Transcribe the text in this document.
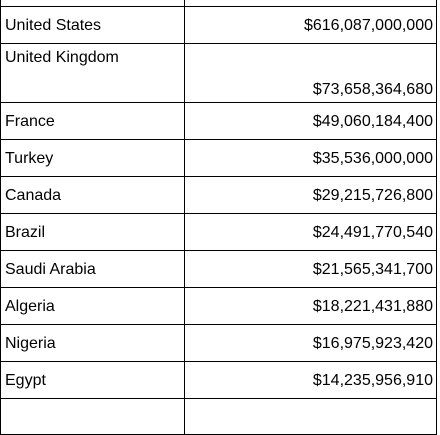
United States	$616,087,000,000
United Kingdom	$73,658,364,680
France	$49,060,184,400
Turkey	$35,536,000,000
Canada	$29,215,726,800
Brazil	$24,491,770,540
Saudi Arabia	$21,565,341,700
Algeria	$18,221,431,880
Nigeria	$16,975,923,420
Egypt	$14,235,956,910
